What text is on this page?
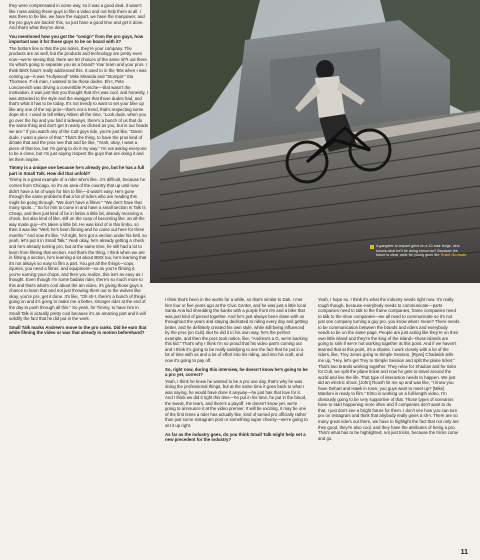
they were compensated in some way, so it was a good deal. It wasn't like I was asking these guys to film a video and not help them at all. I was there to be like, we have the support, we have the manpower, and the pro guys are backin' this, so just have a good time and get it done. And that's what they've done.

You mentioned how you got the "cosign" from the pro guys, how important was it for those guys to be on board with it?

The bottom line is that the pro riders, they're your company. The products are as well, but the products and technology are pretty even now—we're seeing that, there are 50 choices of the same sh*t out there. So what's going to separate you as a brand? Your team and your pros. I think BMX hasn't really addressed this. It used to in the '80s when I was coming up—it was "Hollywood" Mike Miranda and "Stompin'" Stu Thomsen. F-ck man, I wanted to be those dudes. Eh-t, Pete Loncarevich was driving a convertible Porsche—that wasn't the motivation, it was just that you thought that sh-t was cool, and honestly, I was attracted to the style and the swagger that those dudes had, and that's what it has to be today. It's not trendy to want to set your bike up like any one of the top pros—that's not a trend, that's respecting some dope sh-t. I used to tell Mikey Aitken all the time, "Look dude, when you go over the hip and you fold it sideways, there's a bunch of us that do the same thing and don't get it nearly as clicked as you, but in our heads we are." If you watch any of the Cult guys ride, you're just like, "Damn dude, I want a piece of that." That's the thing, to have the pros kind of dictate that and the pros see that and be like, "Yeah, okay, I want a piece of that too, but I'm going to do it my way." I'm not asking everyone to be a clone, but I'm just saying respect the guys that are doing it and let them inspire.

Timmy is a unique one because he's already pro, but he has a full part in Small Talk. How did that unfold?

Timmy is a great example of a rider who's like...it's difficult, because he comes from Chicago, so it's an area of the country that up until now didn't have a lot of ways for him to film—it wasn't easy. He's gone through the same problems that a lot of riders who are reading this might be going through. "We don't have a filmer." "We don't have that many spots..." So for him to come in and have a small section in Talk Is Cheap, and then just kind of be in limbo a little bit, already receiving a check, but also kind of like, still on the cusp of becoming like, an all the way made guy—it's taken a little bit. He was kind of in this limbo, so then it was like "Well, he's been filming and he came out here for three months." And now it's like, "All right, he's got a section under his belt, so yeah, let's put it in Small Talk." Yeah okay, he's already getting a check and he's already turning pro, but at the same time, he still had a lot to learn from filming that section. And that's the thing, I think when we are in filming a section, he's learning a lot about BMX too, he's learning that it's not always so easy to film a part. You get all the things—cops, injuries, you need a filmer, and equipment—so as you're filming it, you're earning your chops, and then you realize, this isn't as easy as I thought. Even though I'm some badass rider, there's so much more to this and that's what's cool about the am video, it's giving those guys a chance to learn that and not just throwing them out to the wolves like okay, you're pro, get it done. It's like, "Oh sh-t, there's a bunch of things going on and it's going to make me a better, stronger rider at the end of the day to push through all this." So yeah, for Timmy, to have him in Small Talk is actually pretty cool because it's an amazing part and it will solidify the fact that he did put in the work.

Small Talk marks Andrew's move to the pro ranks. Did he earn that while filming the video or was that already in motion beforehand?

A gangster-to-impact grind on a 12-stair ledge, who knows what he'll be doing tomorrow? Because the future is clear, wide for young guns like Grant Germain

I think that's been in the works for a while, so that's similar to Dak. I met him four or five years ago at the Civic Center, and he was just a little local Santa Ana kid shredding the banks with a purple front rim and a bike that was just kind of pieced together. And he's just always been down with us throughout the years and staying dedicated to riding every day and getting better, and he definitely created his own style, while still being influenced by the pros [on Cult]. But he did it in his own way, he's the perfect example, and then the pros took notice, like, "Andrew's a G, we're backing this kid." That's why I think I'm so proud that his video part's coming out and I think it's going to be really satisfying to see the fact that he put in a lot of time with us and a lot of effort into his riding, and into his craft, and now it's going to pay off.

So, right now, during this interview, he doesn't know he's going to be a pro yet, correct?

Yeah, I think he knew he wanted to be a pro one day, that's why he was doing the professional things, but at the same time it goes back to what I was saying, he would have done it anyway—he just has that love for it. And I think we did it right this time—he put in his time, he put in the blood, the sweat, the tears, and there's a payoff. He doesn't know yet, we're going to announce it at the video premier. It will be exciting, it may be one of the first times a rider has actually like, kind of turned pro officially rather than just some Instagram post or something super cheesy—we're going to set it up right.

As far as the industry goes, do you think Small Talk might help set a new precedent for the industry?

Yeah, I hope so. I think it's what the industry needs right now. It's really tough though, because everybody needs to communicate—parts companies need to talk to the frame companies, frame companies need to talk to the shoe companies—we all need to communicate so it's not just one company turning a guy pro, you know what I mean? There needs to be communication between the brands and riders and everybody needs to be on the same page. People are just acting like they're on their own little island and they're the king of the island—those islands are going to sink if we're not working together at this point. And if we haven't learned that at this point, it's a shame. I work closely with a lot of the riders, like, Trey Jones going to Simple Session, [Ryan] Chadwick tells me up, "Hey, let's get Trey to Simple Session and split the plane ticket." That's two brands working together. They relax for Shadow and he rides for Cult, we split the plane ticket and now he gets to travel around the world and live the life. That type of interaction needs to happen. We just did an electric shoot, [John] Roush hit me up and was like, "I know you have Dehart and Hawk in town, you guys want to meet up? [Mike] Mardoni is ready to film." Elmo is working on a full-length video, I'm obviously going to be very supportive of that. Those types of scenarios have to start happening more often and if companies don't want to do that, I just don't see a bright future for them. I don't see how you can turn pro on Instagram and think that anybody really gives a sh-t. There are so many great riders out there, we have to highlight the fact that not only are they good, they're also cool, and they have the attributes of being a pro. That's what has to be highlighted, not just tricks, because the tricks come and go.

11
